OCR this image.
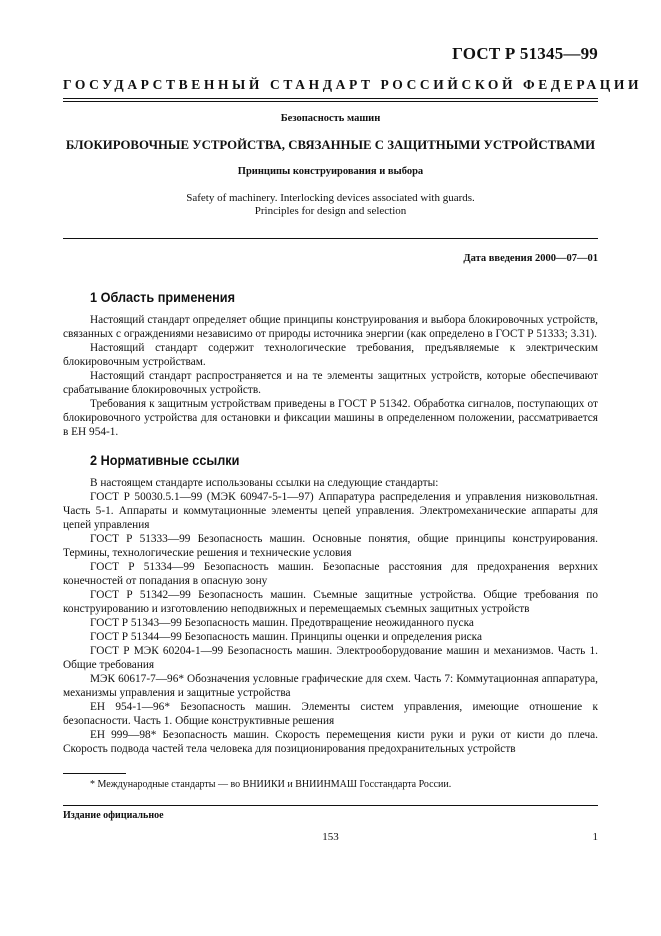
ГОСТ Р 51345—99
ГОСУДАРСТВЕННЫЙ СТАНДАРТ РОССИЙСКОЙ ФЕДЕРАЦИИ
Безопасность машин
БЛОКИРОВОЧНЫЕ УСТРОЙСТВА, СВЯЗАННЫЕ С ЗАЩИТНЫМИ УСТРОЙСТВАМИ
Принципы конструирования и выбора
Safety of machinery. Interlocking devices associated with guards.
Principles for design and selection
Дата введения 2000—07—01
1 Область применения

Настоящий стандарт определяет общие принципы конструирования и выбора блокировочных устройств, связанных с ограждениями независимо от природы источника энергии (как определено в ГОСТ Р 51333; 3.31).

Настоящий стандарт содержит технологические требования, предъявляемые к электрическим блокировочным устройствам.

Настоящий стандарт распространяется и на те элементы защитных устройств, которые обеспечивают срабатывание блокировочных устройств.

Требования к защитным устройствам приведены в ГОСТ Р 51342. Обработка сигналов, поступающих от блокировочного устройства для остановки и фиксации машины в определенном положении, рассматривается в ЕН 954-1.

2 Нормативные ссылки

В настоящем стандарте использованы ссылки на следующие стандарты:

ГОСТ Р 50030.5.1—99 (МЭК 60947-5-1—97) Аппаратура распределения и управления низковольтная. Часть 5-1. Аппараты и коммутационные элементы цепей управления. Электромеханические аппараты для цепей управления

ГОСТ Р 51333—99 Безопасность машин. Основные понятия, общие принципы конструирования. Термины, технологические решения и технические условия

ГОСТ Р 51334—99 Безопасность машин. Безопасные расстояния для предохранения верхних конечностей от попадания в опасную зону

ГОСТ Р 51342—99 Безопасность машин. Съемные защитные устройства. Общие требования по конструированию и изготовлению неподвижных и перемещаемых съемных защитных устройств

ГОСТ Р 51343—99 Безопасность машин. Предотвращение неожиданного пуска

ГОСТ Р 51344—99 Безопасность машин. Принципы оценки и определения риска

ГОСТ Р МЭК 60204-1—99 Безопасность машин. Электрооборудование машин и механизмов. Часть 1. Общие требования

МЭК 60617-7—96* Обозначения условные графические для схем. Часть 7: Коммутационная аппаратура, механизмы управления и защитные устройства

ЕН 954-1—96* Безопасность машин. Элементы систем управления, имеющие отношение к безопасности. Часть 1. Общие конструктивные решения

ЕН 999—98* Безопасность машин. Скорость перемещения кисти руки и руки от кисти до плеча. Скорость подвода частей тела человека для позиционирования предохранительных устройств

* Международные стандарты — во ВНИИКИ и ВНИИНМАШ Госстандарта России.
Издание официальное
153	1
